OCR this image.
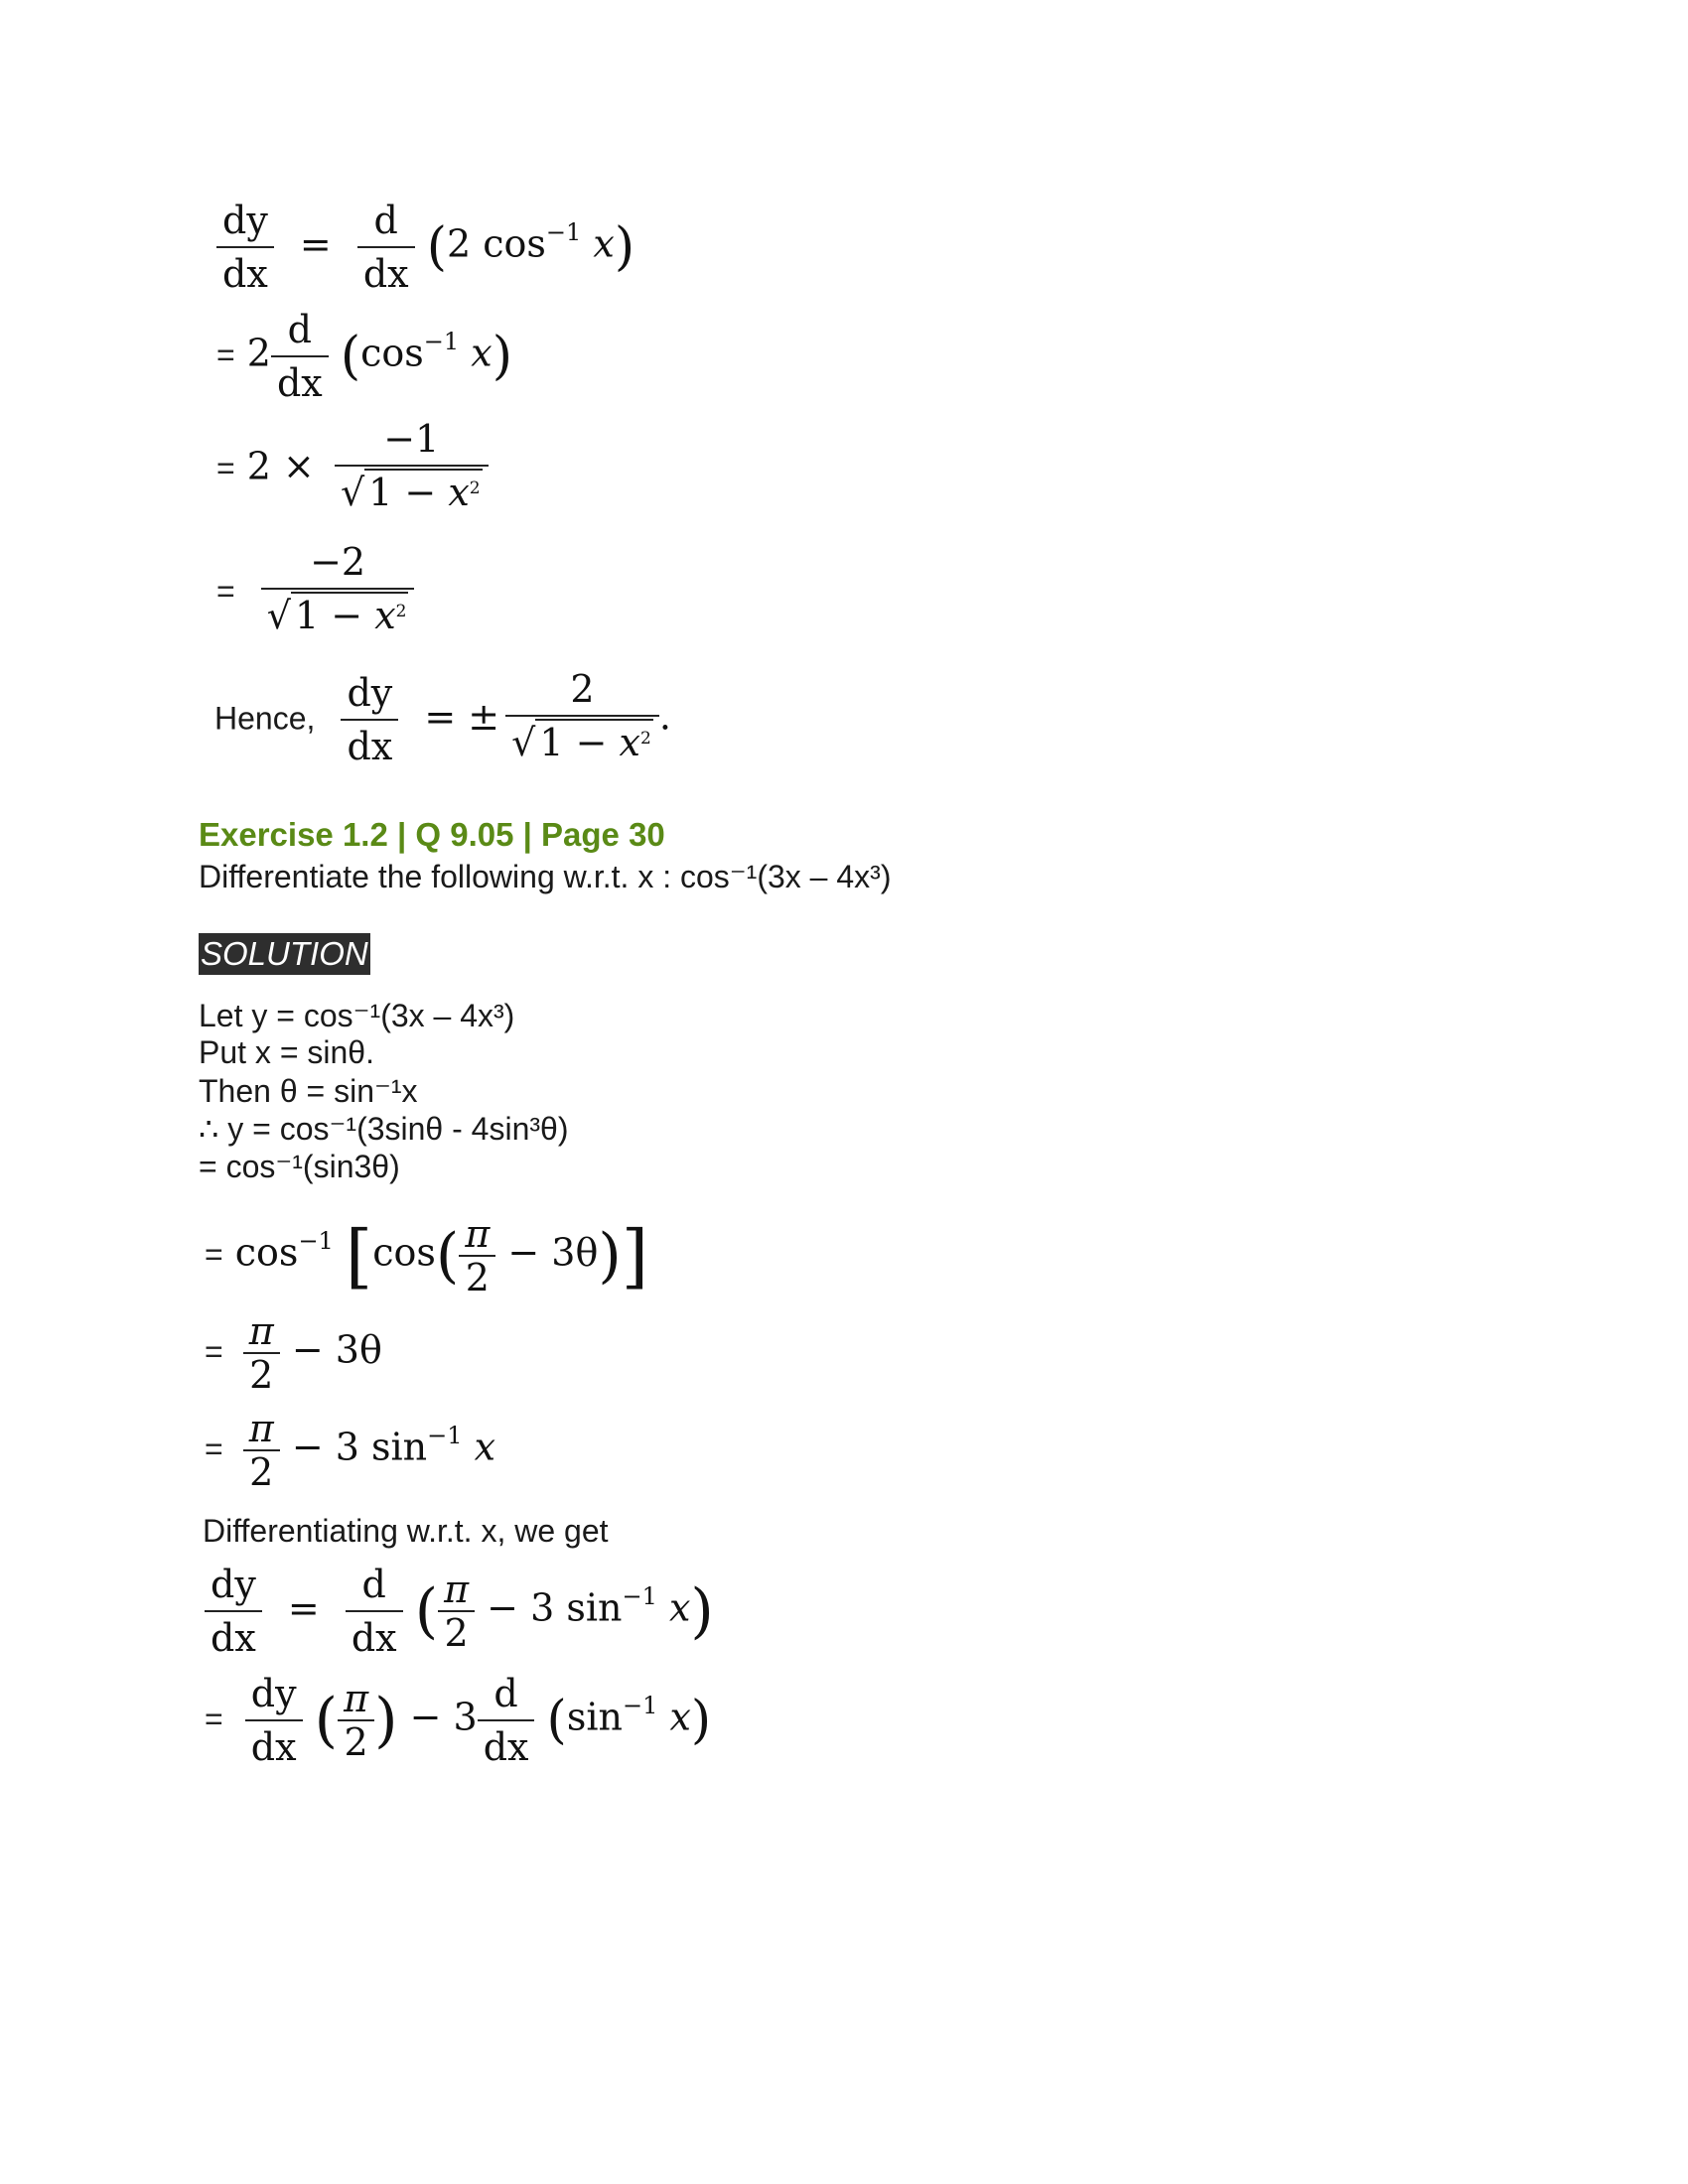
$\frac{dy}{dx} = \frac{d}{dx} (2$ $\cos^{-1} x$)
= $2 \frac{d}{dx} (\cos^{-1}$ x)
= $2 \times \frac{-1}{√ 1 - x^2}$
= $\frac{-2}{√ 1 - x^2}$
Hence, $\frac{dy}{dx}$ = ± $\frac{2}{√ 1 - x^2}$ .
Exercise 1.2 | Q 9.05 | Page 30
Differentiate the following w.r.t. x : cos⁻¹(3x – 4x³)
SOLUTION
Let y = cos⁻¹(3x – 4x³)
Put x = sinθ.
Then θ = sin⁻¹x
∴ y = cos⁻¹(3sinθ - 4sin³θ)
= cos⁻¹(sin3θ)
= $\cos^{-1} [\cos( \frac{\pi}{2} - 3\theta)]$
= $\frac{\pi}{2} - 3\theta$
= $\frac{\pi}{2} - 3$ $\sin^{-1} x$
Differentiating w.r.t. x, we get
$\frac{dy}{dx} = \frac{d}{dx}$ ( $\frac{\pi}{2} - 3$ $\sin^{-1} x$)
= $\frac{dy}{dx}$ ( $\frac{\pi}{2}$ ) − $3 \frac{d}{dx} (\sin^{-1}$ x)
